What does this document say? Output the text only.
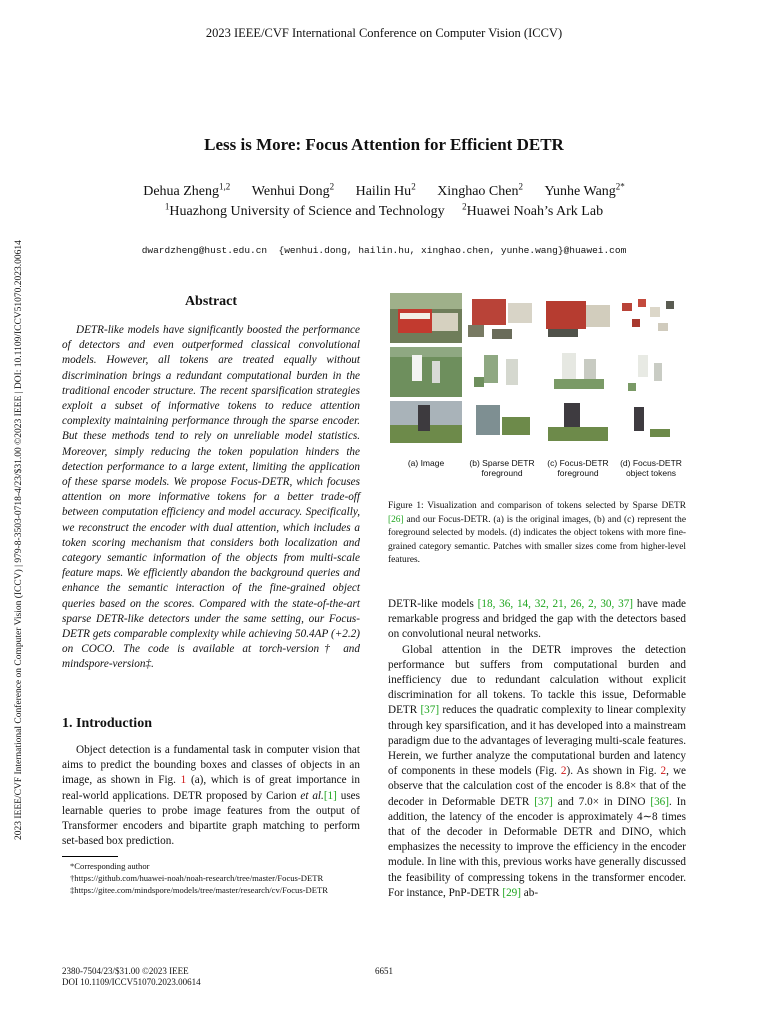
2023 IEEE/CVF International Conference on Computer Vision (ICCV)
2023 IEEE/CVF International Conference on Computer Vision (ICCV) | 979-8-3503-0718-4/23/$31.00 ©2023 IEEE | DOI: 10.1109/ICCV51070.2023.00614
Less is More: Focus Attention for Efficient DETR
Dehua Zheng$^{1,2}$ Wenhui Dong$^2$ Hailin Hu$^2$ Xinghao Chen$^2$ Yunhe Wang$^{2*}$
$^1$Huazhong University of Science and Technology $^2$Huawei Noah’s Ark Lab
dwardzheng@hust.edu.cn  {wenhui.dong, hailin.hu, xinghao.chen, yunhe.wang}@huawei.com
Abstract

DETR-like models have significantly boosted the performance of detectors and even outperformed classical convolutional models. However, all tokens are treated equally without discrimination brings a redundant computational burden in the traditional encoder structure. The recent sparsification strategies exploit a subset of informative tokens to reduce attention complexity maintaining performance through the sparse encoder. But these methods tend to rely on unreliable model statistics. Moreover, simply reducing the token population hinders the detection performance to a large extent, limiting the application of these sparse models. We propose Focus-DETR, which focuses attention on more informative tokens for a better trade-off between computation efficiency and model accuracy. Specifically, we reconstruct the encoder with dual attention, which includes a token scoring mechanism that considers both localization and category semantic information of the objects from multi-scale feature maps. We efficiently abandon the background queries and enhance the semantic interaction of the fine-grained object queries based on the scores. Compared with the state-of-the-art sparse DETR-like detectors under the same setting, our Focus-DETR gets comparable complexity while achieving 50.4AP (+2.2) on COCO. The code is available at torch-version† and mindspore-version‡.

1. Introduction

Object detection is a fundamental task in computer vision that aims to predict the bounding boxes and classes of objects in an image, as shown in Fig. 1 (a), which is of great importance in real-world applications. DETR proposed by Carion et al.[1] uses learnable queries to probe image features from the output of Transformer encoders and bipartite graph matching to perform set-based box prediction.

*Corresponding author
†https://github.com/huawei-noah/noah-research/tree/master/Focus-DETR
‡https://gitee.com/mindspore/models/tree/master/research/cv/Focus-DETR
(a) Image	(b) Sparse DETR foreground
(c) Focus-DETR foreground
(d) Focus-DETR object tokens
Figure 1: Visualization and comparison of tokens selected by Sparse DETR [26] and our Focus-DETR. (a) is the original images, (b) and (c) represent the foreground selected by models. (d) indicates the object tokens with more fine-grained category semantic. Patches with smaller sizes come from higher-level features.

DETR-like models [18, 36, 14, 32, 21, 26, 2, 30, 37] have made remarkable progress and bridged the gap with the detectors based on convolutional neural networks.

Global attention in the DETR improves the detection performance but suffers from computational burden and inefficiency due to redundant calculation without explicit discrimination for all tokens. To tackle this issue, Deformable DETR [37] reduces the quadratic complexity to linear complexity through key sparsification, and it has developed into a mainstream paradigm due to the advantages of leveraging multi-scale features. Herein, we further analyze the computational burden and latency of components in these models (Fig. 2). As shown in Fig. 2, we observe that the calculation cost of the encoder is 8.8× that of the decoder in Deformable DETR [37] and 7.0× in DINO [36]. In addition, the latency of the encoder is approximately 4∼8 times that of the decoder in Deformable DETR and DINO, which emphasizes the necessity to improve the efficiency in the encoder module. In line with this, previous works have generally discussed the feasibility of compressing tokens in the transformer encoder. For instance, PnP-DETR [29] ab-

2380-7504/23/$31.00 ©2023 IEEE
DOI 10.1109/ICCV51070.2023.00614
6651
